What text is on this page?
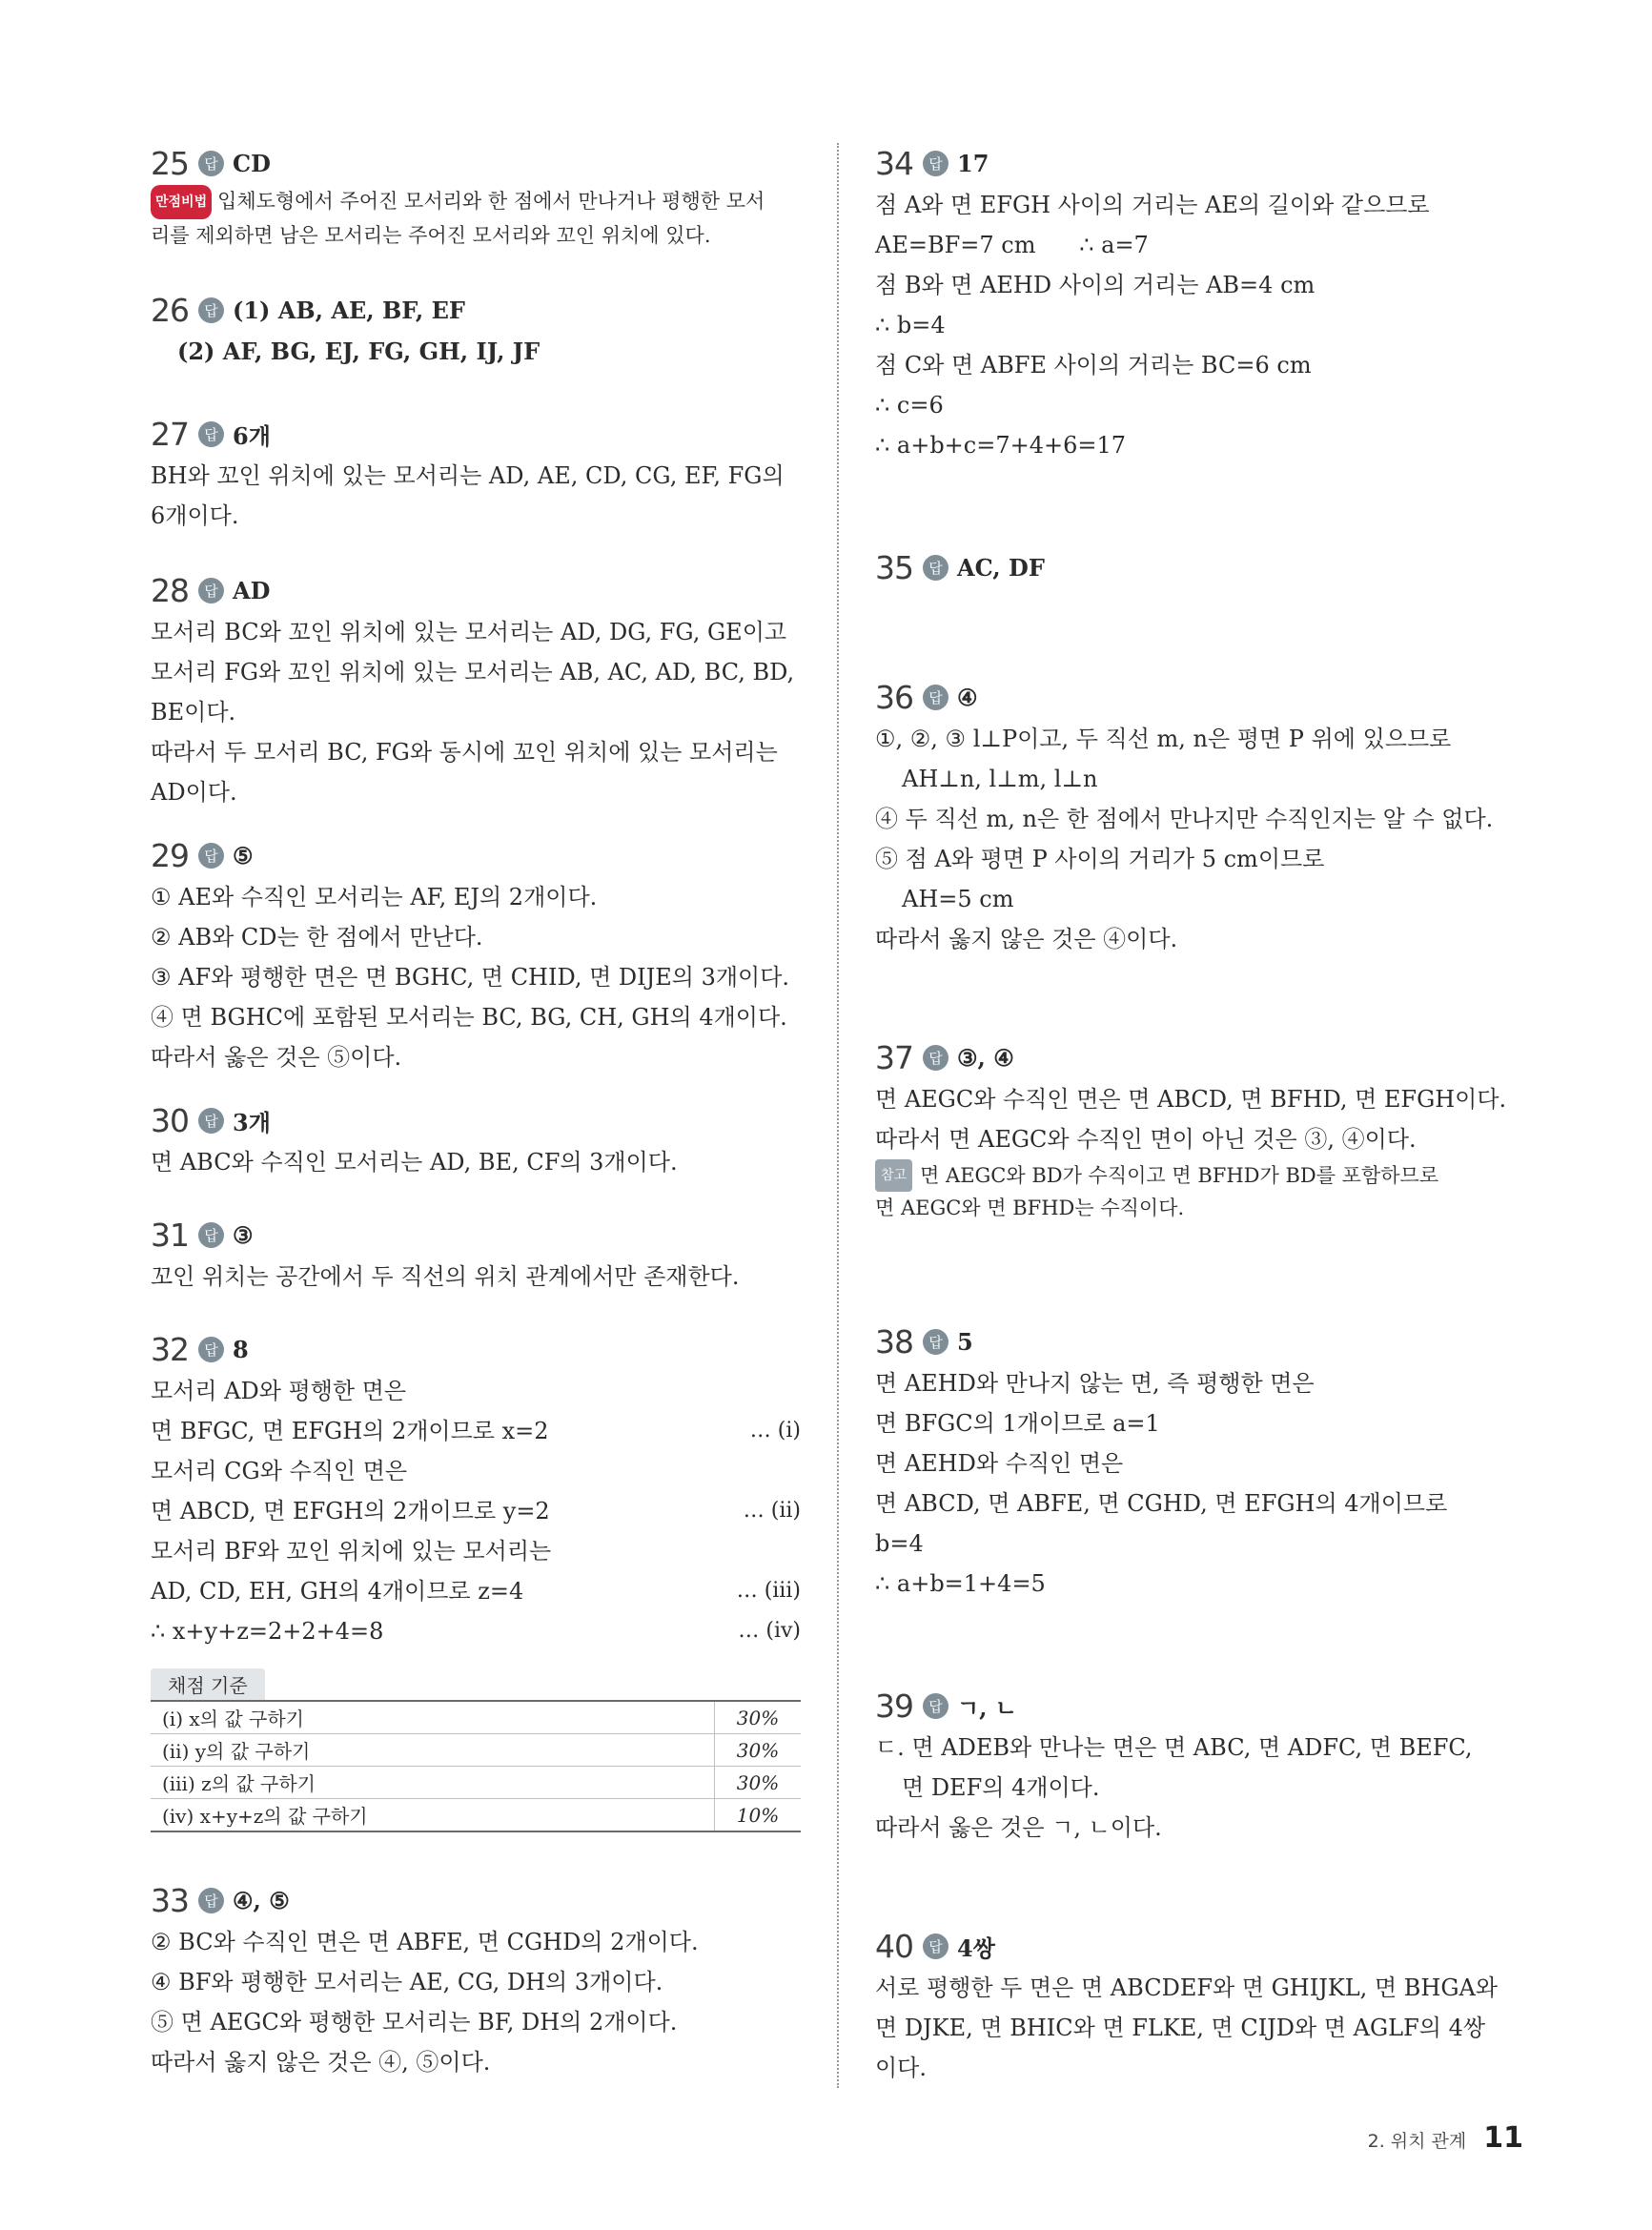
25	답 CD
만점비법 입체도형에서 주어진 모서리와 한 점에서 만나거나 평행한 모서
리를 제외하면 남은 모서리는 주어진 모서리와 꼬인 위치에 있다.
26	답 (1) AB, AE, BF, EF
(2) AF, BG, EJ, FG, GH, IJ, JF
27	답 6개
BH와 꼬인 위치에 있는 모서리는 AD, AE, CD, CG, EF, FG의
6개이다.
28	답 AD
모서리 BC와 꼬인 위치에 있는 모서리는 AD, DG, FG, GE이고
모서리 FG와 꼬인 위치에 있는 모서리는 AB, AC, AD, BC, BD,
BE이다.
따라서 두 모서리 BC, FG와 동시에 꼬인 위치에 있는 모서리는
AD이다.
29	답 ⑤
① AE와 수직인 모서리는 AF, EJ의 2개이다.
② AB와 CD는 한 점에서 만난다.
③ AF와 평행한 면은 면 BGHC, 면 CHID, 면 DIJE의 3개이다.
④ 면 BGHC에 포함된 모서리는 BC, BG, CH, GH의 4개이다.
따라서 옳은 것은 ⑤이다.
30	답 3개
면 ABC와 수직인 모서리는 AD, BE, CF의 3개이다.
31	답 ③
꼬인 위치는 공간에서 두 직선의 위치 관계에서만 존재한다.
32	답 8
모서리 AD와 평행한 면은
면 BFGC, 면 EFGH의 2개이므로 x=2	… (ⅰ)
모서리 CG와 수직인 면은
면 ABCD, 면 EFGH의 2개이므로 y=2	… (ⅱ)
모서리 BF와 꼬인 위치에 있는 모서리는
AD, CD, EH, GH의 4개이므로 z=4	… (ⅲ)
∴ x+y+z=2+2+4=8	… (ⅳ)
채점 기준
(ⅰ) x의 값 구하기	30%
(ⅱ) y의 값 구하기	30%
(ⅲ) z의 값 구하기	30%
(ⅳ) x+y+z의 값 구하기	10%
33	답 ④, ⑤
② BC와 수직인 면은 면 ABFE, 면 CGHD의 2개이다.
④ BF와 평행한 모서리는 AE, CG, DH의 3개이다.
⑤ 면 AEGC와 평행한 모서리는 BF, DH의 2개이다.
따라서 옳지 않은 것은 ④, ⑤이다.
34	답 17
점 A와 면 EFGH 사이의 거리는 AE의 길이와 같으므로
AE=BF=7 cm      ∴ a=7
점 B와 면 AEHD 사이의 거리는 AB=4 cm
∴ b=4
점 C와 면 ABFE 사이의 거리는 BC=6 cm
∴ c=6
∴ a+b+c=7+4+6=17
35	답 AC, DF
36	답 ④
①, ②, ③ l⊥P이고, 두 직선 m, n은 평면 P 위에 있으므로
AH⊥n, l⊥m, l⊥n
④ 두 직선 m, n은 한 점에서 만나지만 수직인지는 알 수 없다.
⑤ 점 A와 평면 P 사이의 거리가 5 cm이므로
AH=5 cm
따라서 옳지 않은 것은 ④이다.
37	답 ③, ④
면 AEGC와 수직인 면은 면 ABCD, 면 BFHD, 면 EFGH이다.
따라서 면 AEGC와 수직인 면이 아닌 것은 ③, ④이다.
참고 면 AEGC와 BD가 수직이고 면 BFHD가 BD를 포함하므로
면 AEGC와 면 BFHD는 수직이다.
38	답 5
면 AEHD와 만나지 않는 면, 즉 평행한 면은
면 BFGC의 1개이므로 a=1
면 AEHD와 수직인 면은
면 ABCD, 면 ABFE, 면 CGHD, 면 EFGH의 4개이므로
b=4
∴ a+b=1+4=5
39	답 ㄱ, ㄴ
ㄷ. 면 ADEB와 만나는 면은 면 ABC, 면 ADFC, 면 BEFC,
면 DEF의 4개이다.
따라서 옳은 것은 ㄱ, ㄴ이다.
40	답 4쌍
서로 평행한 두 면은 면 ABCDEF와 면 GHIJKL, 면 BHGA와
면 DJKE, 면 BHIC와 면 FLKE, 면 CIJD와 면 AGLF의 4쌍
이다.
2. 위치 관계 11
